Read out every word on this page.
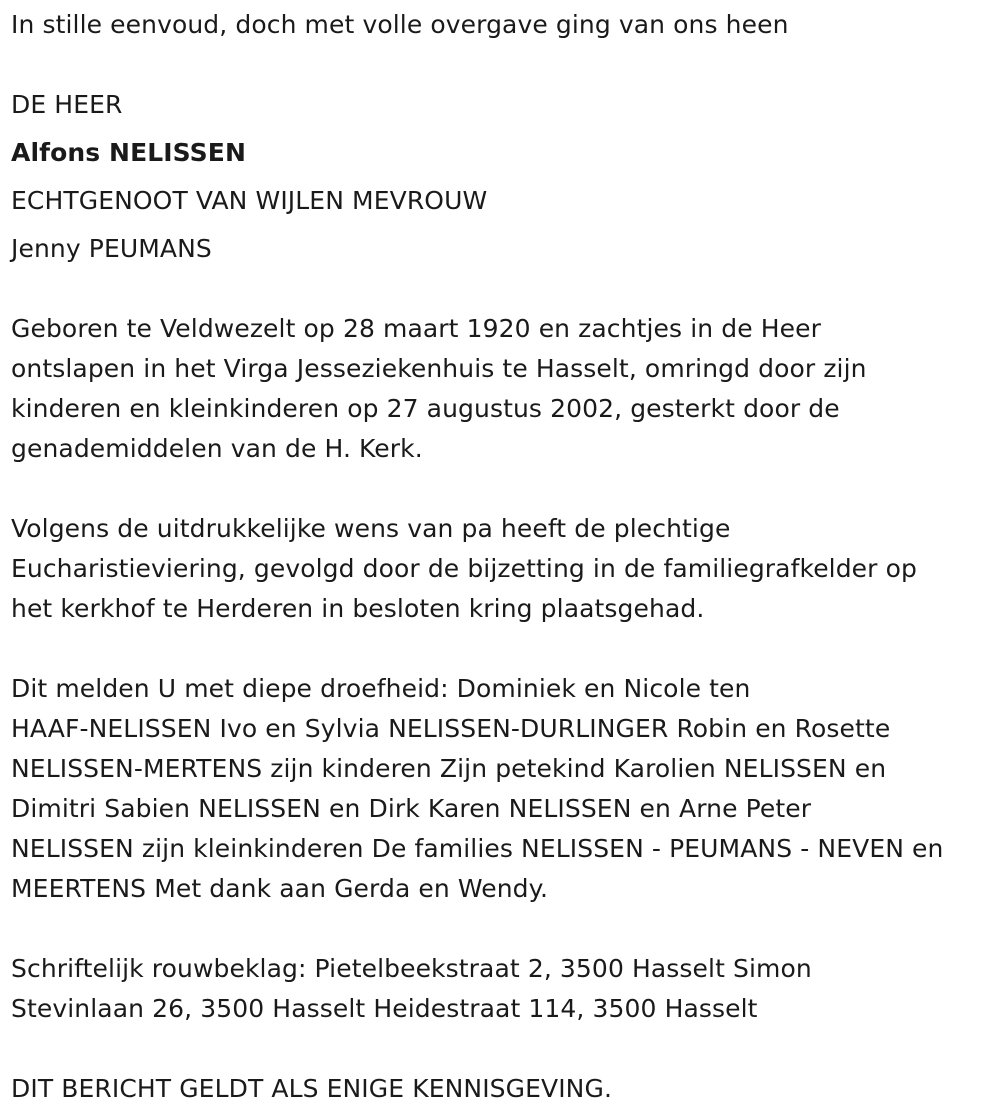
In stille eenvoud, doch met volle overgave ging van ons heen
DE HEER
Alfons NELISSEN
ECHTGENOOT VAN WIJLEN MEVROUW
Jenny PEUMANS
Geboren te Veldwezelt op 28 maart 1920 en zachtjes in de Heer
ontslapen in het Virga Jesseziekenhuis te Hasselt, omringd door zijn
kinderen en kleinkinderen op 27 augustus 2002, gesterkt door de
genademiddelen van de H. Kerk.
Volgens de uitdrukkelijke wens van pa heeft de plechtige
Eucharistieviering, gevolgd door de bijzetting in de familiegrafkelder op
het kerkhof te Herderen in besloten kring plaatsgehad.
Dit melden U met diepe droefheid: Dominiek en Nicole ten
HAAF-NELISSEN Ivo en Sylvia NELISSEN-DURLINGER Robin en Rosette
NELISSEN-MERTENS zijn kinderen Zijn petekind Karolien NELISSEN en
Dimitri Sabien NELISSEN en Dirk Karen NELISSEN en Arne Peter
NELISSEN zijn kleinkinderen De families NELISSEN - PEUMANS - NEVEN en
MEERTENS Met dank aan Gerda en Wendy.
Schriftelijk rouwbeklag: Pietelbeekstraat 2, 3500 Hasselt Simon
Stevinlaan 26, 3500 Hasselt Heidestraat 114, 3500 Hasselt
DIT BERICHT GELDT ALS ENIGE KENNISGEVING.
